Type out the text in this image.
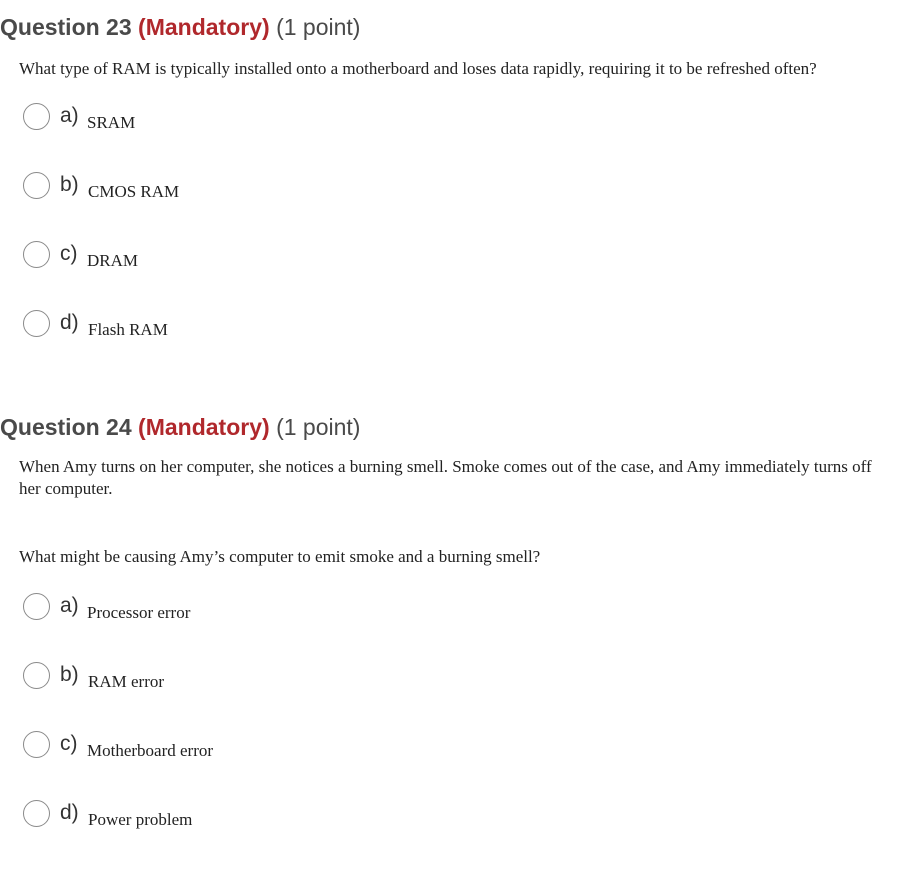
Question 23 (Mandatory) (1 point)

What type of RAM is typically installed onto a motherboard and loses data rapidly, requiring it to be refreshed often?

a) SRAM
b) CMOS RAM
c) DRAM
d) Flash RAM
Question 24 (Mandatory) (1 point)

When Amy turns on her computer, she notices a burning smell. Smoke comes out of the case, and Amy immediately turns off her computer.

What might be causing Amy’s computer to emit smoke and a burning smell?

a) Processor error
b) RAM error
c) Motherboard error
d) Power problem
